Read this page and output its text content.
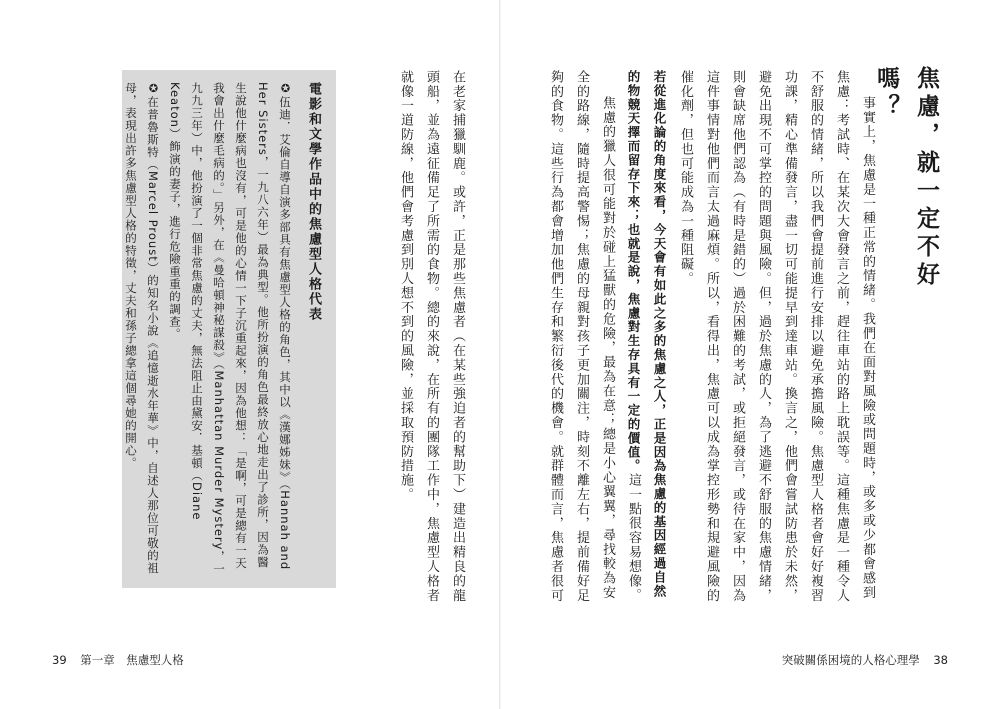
焦慮，就一定不好嗎？

事實上，焦慮是一種正常的情緒。我們在面對風險或問題時，或多或少都會感到焦慮：考試時、在某次大會發言之前，趕往車站的路上耽誤等。這種焦慮是一種令人不舒服的情緒，所以我們會提前進行安排以避免承擔風險。焦慮型人格者會好好複習功課，精心準備發言，盡一切可能提早到達車站。換言之，他們會嘗試防患於未然，避免出現不可掌控的問題與風險。但，過於焦慮的人，為了逃避不舒服的焦慮情緒，則會缺席他們認為（有時是錯的）過於困難的考試，或拒絕發言，或待在家中，因為這件事情對他們而言太過麻煩。所以，看得出，焦慮可以成為掌控形勢和規避風險的催化劑，但也可能成為一種阻礙。

若從進化論的角度來看，今天會有如此之多的焦慮之人，正是因為焦慮的基因經過自然的物競天擇而留存下來；也就是說，焦慮對生存具有一定的價值。這一點很容易想像。

焦慮的獵人很可能對於碰上猛獸的危險，最為在意；總是小心翼翼，尋找較為安全的路線，隨時提高警惕；焦慮的母親對孩子更加關注，時刻不離左右，提前備好足夠的食物。這些行為都會增加他們生存和繁衍後代的機會。就群體而言，焦慮者很可

在老家捕獵馴鹿。或許，正是那些焦慮者（在某些強迫者的幫助下）建造出精良的龍頭船，並為遠征備足了所需的食物。總的來說，在所有的團隊工作中，焦慮型人格者就像一道防線，他們會考慮到別人想不到的風險，並採取預防措施。

電影和文學作品中的焦慮型人格代表

✪伍迪．艾倫自導自演多部具有焦慮型人格的角色，其中以《漢娜姊妹》（Hannah and Her Sisters，一九八六年）最為典型。他所扮演的角色最終放心地走出了診所，因為醫生說他什麼病也沒有，可是他的心情一下子沉重起來，因為他想：「是啊，可是總有一天我會出什麼毛病的。」另外，在《曼哈頓神秘謀殺》（Manhattan Murder Mystery，一九九三年）中，他扮演了一個非常焦慮的丈夫，無法阻止由黛安．基頓（Diane Keaton）飾演的妻子，進行危險重重的調查。

✪在普魯斯特（Marcel Proust）的知名小說《追憶逝水年華》中，自述人那位可敬的祖母，表現出許多焦慮型人格的特徵，丈夫和孫子總拿這個尋她的開心。

39 第一章　焦慮型人格	突破關係困境的人格心理學 38
